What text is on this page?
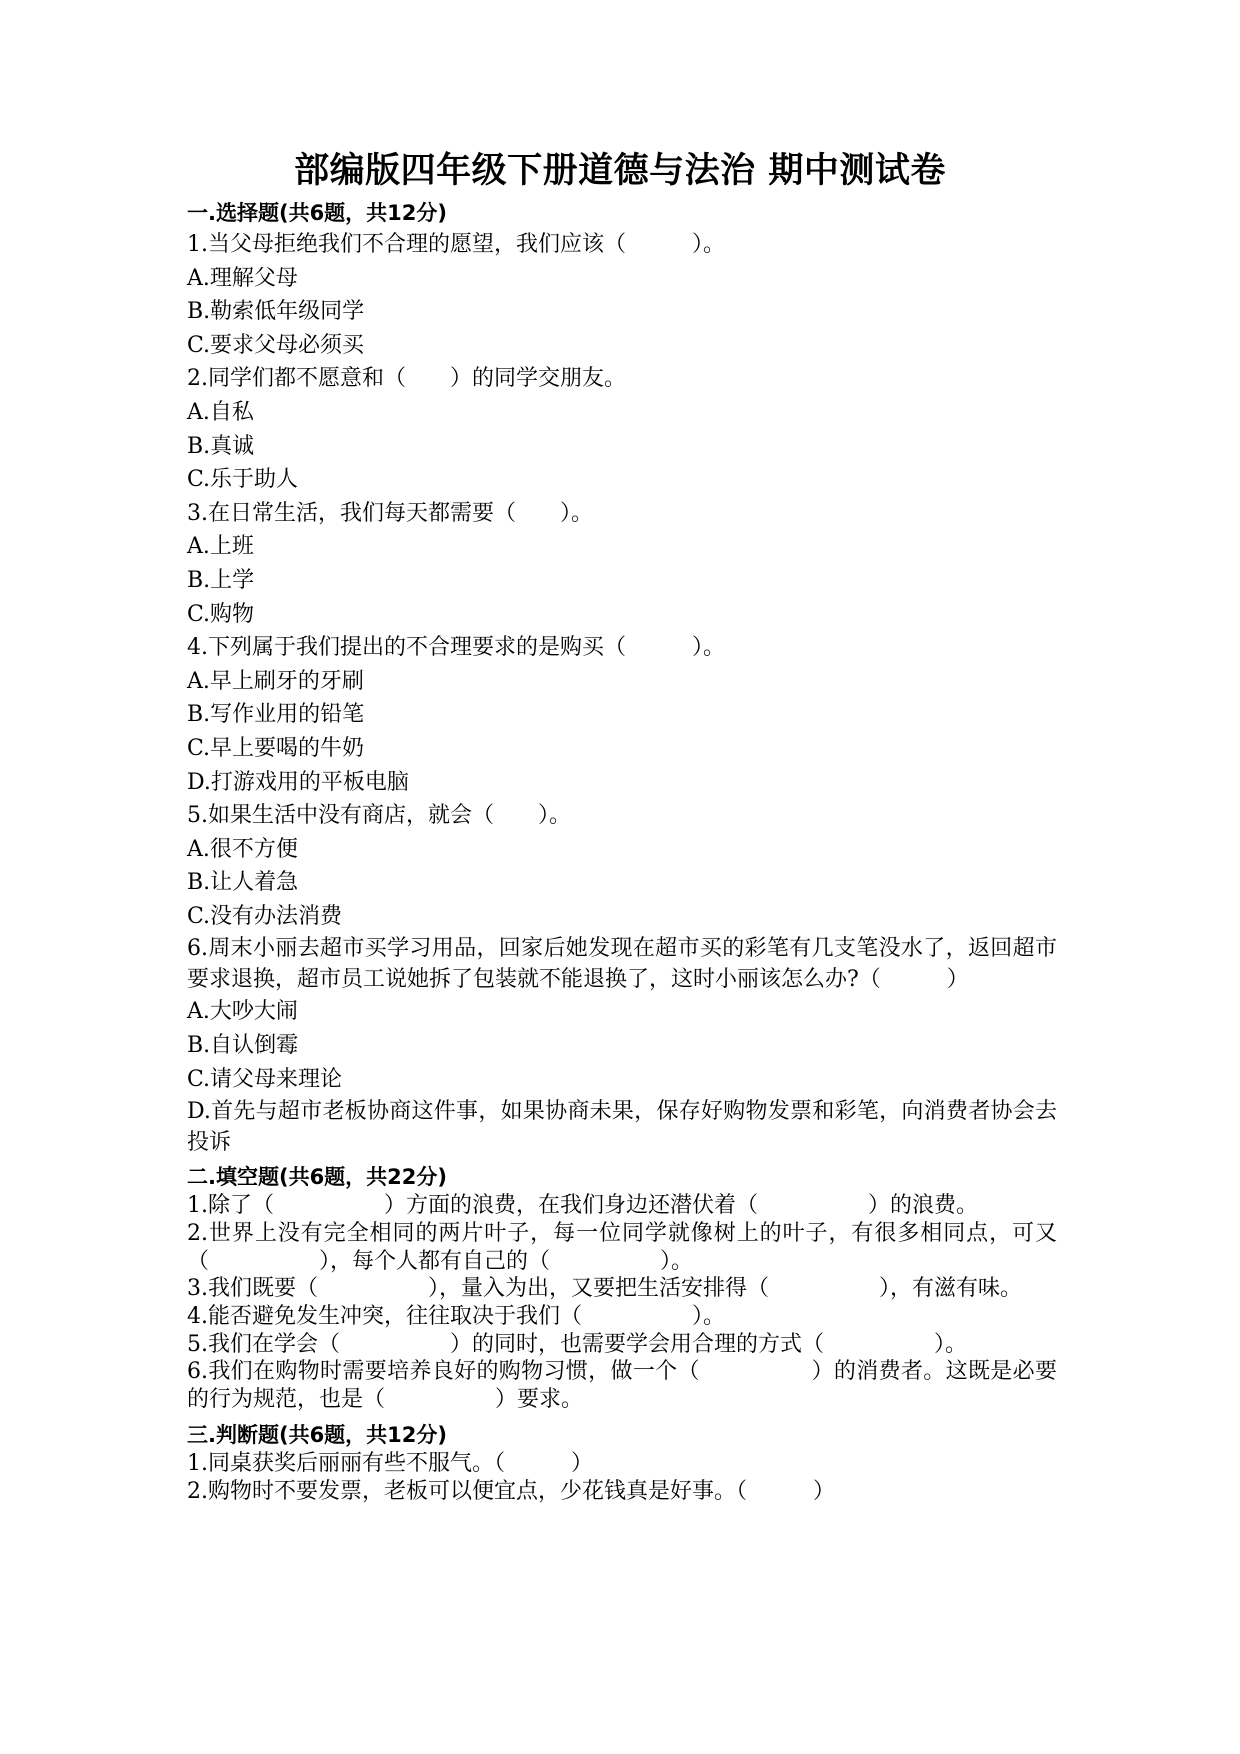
部编版四年级下册道德与法治 期中测试卷

一.选择题(共6题，共12分)

1.当父母拒绝我们不合理的愿望，我们应该（　　　）。

A.理解父母

B.勒索低年级同学

C.要求父母必须买

2.同学们都不愿意和（　　）的同学交朋友。

A.自私

B.真诚

C.乐于助人

3.在日常生活，我们每天都需要（　　）。

A.上班

B.上学

C.购物

4.下列属于我们提出的不合理要求的是购买（　　　）。

A.早上刷牙的牙刷

B.写作业用的铅笔

C.早上要喝的牛奶

D.打游戏用的平板电脑

5.如果生活中没有商店，就会（　　）。

A.很不方便

B.让人着急

C.没有办法消费

6.周末小丽去超市买学习用品，回家后她发现在超市买的彩笔有几支笔没水了，返回超市要求退换，超市员工说她拆了包装就不能退换了，这时小丽该怎么办?（　　　）

A.大吵大闹

B.自认倒霉

C.请父母来理论

D.首先与超市老板协商这件事，如果协商未果，保存好购物发票和彩笔，向消费者协会去投诉

二.填空题(共6题，共22分)

1.除了（　　　　　）方面的浪费，在我们身边还潜伏着（　　　　　）的浪费。

2.世界上没有完全相同的两片叶子，每一位同学就像树上的叶子，有很多相同点，可又（　　　　　），每个人都有自己的（　　　　　）。

3.我们既要（　　　　　），量入为出，又要把生活安排得（　　　　　），有滋有味。

4.能否避免发生冲突，往往取决于我们（　　　　　）。

5.我们在学会（　　　　　）的同时，也需要学会用合理的方式（　　　　　）。

6.我们在购物时需要培养良好的购物习惯，做一个（　　　　　）的消费者。这既是必要的行为规范，也是（　　　　　）要求。

三.判断题(共6题，共12分)

1.同桌获奖后丽丽有些不服气。（　　　）

2.购物时不要发票，老板可以便宜点，少花钱真是好事。（　　　）
